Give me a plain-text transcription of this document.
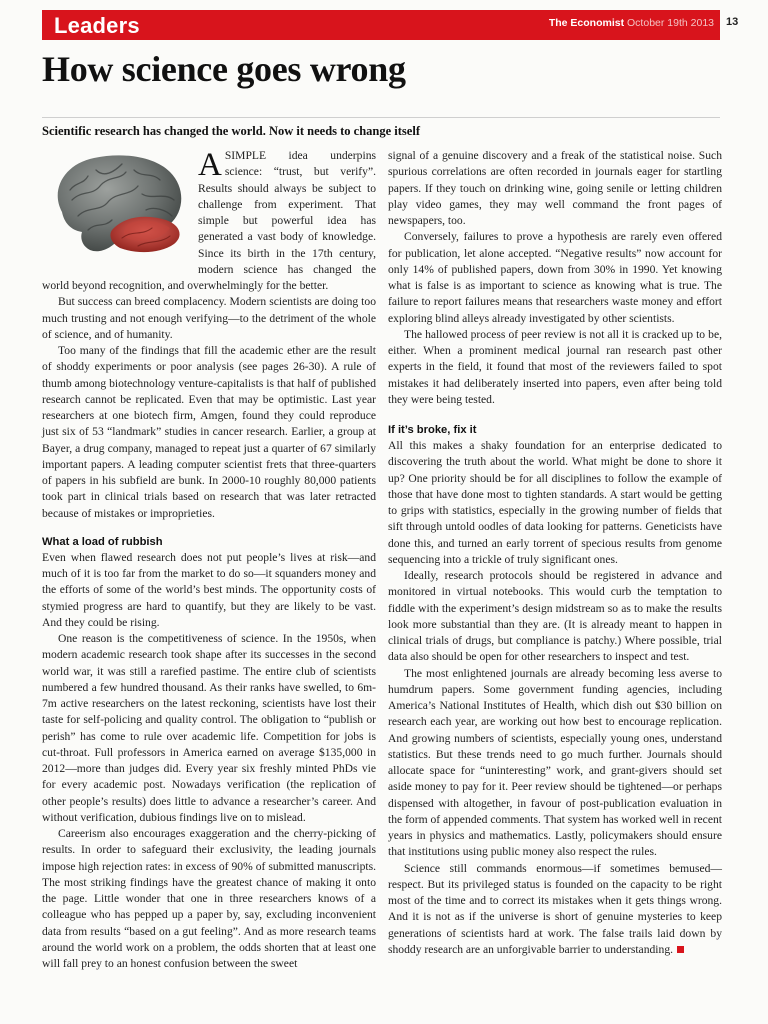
Leaders	The Economist October 19th 2013 13
How science goes wrong
Scientific research has changed the world. Now it needs to change itself

ASIMPLE idea underpins science: “trust, but verify”. Results should always be subject to challenge from experiment. That simple but powerful idea has generated a vast body of knowledge. Since its birth in the 17th century, modern science has changed the world beyond recognition, and overwhelmingly for the better.

But success can breed complacency. Modern scientists are doing too much trusting and not enough verifying—to the detriment of the whole of science, and of humanity.

Too many of the findings that fill the academic ether are the result of shoddy experiments or poor analysis (see pages 26-30). A rule of thumb among biotechnology venture-capitalists is that half of published research cannot be replicated. Even that may be optimistic. Last year researchers at one biotech firm, Amgen, found they could reproduce just six of 53 “landmark” studies in cancer research. Earlier, a group at Bayer, a drug company, managed to repeat just a quarter of 67 similarly important papers. A leading computer scientist frets that three-quarters of papers in his subfield are bunk. In 2000-10 roughly 80,000 patients took part in clinical trials based on research that was later retracted because of mistakes or improprieties.

What a load of rubbish

Even when flawed research does not put people’s lives at risk—and much of it is too far from the market to do so—it squanders money and the efforts of some of the world’s best minds. The opportunity costs of stymied progress are hard to quantify, but they are likely to be vast. And they could be rising.

One reason is the competitiveness of science. In the 1950s, when modern academic research took shape after its successes in the second world war, it was still a rarefied pastime. The entire club of scientists numbered a few hundred thousand. As their ranks have swelled, to 6m-7m active researchers on the latest reckoning, scientists have lost their taste for self-policing and quality control. The obligation to “publish or perish” has come to rule over academic life. Competition for jobs is cut-throat. Full professors in America earned on average $135,000 in 2012—more than judges did. Every year six freshly minted PhDs vie for every academic post. Nowadays verification (the replication of other people’s results) does little to advance a researcher’s career. And without verification, dubious findings live on to mislead.

Careerism also encourages exaggeration and the cherry-picking of results. In order to safeguard their exclusivity, the leading journals impose high rejection rates: in excess of 90% of submitted manuscripts. The most striking findings have the greatest chance of making it onto the page. Little wonder that one in three researchers knows of a colleague who has pepped up a paper by, say, excluding inconvenient data from results “based on a gut feeling”. And as more research teams around the world work on a problem, the odds shorten that at least one will fall prey to an honest confusion between the sweet

signal of a genuine discovery and a freak of the statistical noise. Such spurious correlations are often recorded in journals eager for startling papers. If they touch on drinking wine, going senile or letting children play video games, they may well command the front pages of newspapers, too.

Conversely, failures to prove a hypothesis are rarely even offered for publication, let alone accepted. “Negative results” now account for only 14% of published papers, down from 30% in 1990. Yet knowing what is false is as important to science as knowing what is true. The failure to report failures means that researchers waste money and effort exploring blind alleys already investigated by other scientists.

The hallowed process of peer review is not all it is cracked up to be, either. When a prominent medical journal ran research past other experts in the field, it found that most of the reviewers failed to spot mistakes it had deliberately inserted into papers, even after being told they were being tested.

If it’s broke, fix it

All this makes a shaky foundation for an enterprise dedicated to discovering the truth about the world. What might be done to shore it up? One priority should be for all disciplines to follow the example of those that have done most to tighten standards. A start would be getting to grips with statistics, especially in the growing number of fields that sift through untold oodles of data looking for patterns. Geneticists have done this, and turned an early torrent of specious results from genome sequencing into a trickle of truly significant ones.

Ideally, research protocols should be registered in advance and monitored in virtual notebooks. This would curb the temptation to fiddle with the experiment’s design midstream so as to make the results look more substantial than they are. (It is already meant to happen in clinical trials of drugs, but compliance is patchy.) Where possible, trial data also should be open for other researchers to inspect and test.

The most enlightened journals are already becoming less averse to humdrum papers. Some government funding agencies, including America’s National Institutes of Health, which dish out $30 billion on research each year, are working out how best to encourage replication. And growing numbers of scientists, especially young ones, understand statistics. But these trends need to go much further. Journals should allocate space for “uninteresting” work, and grant-givers should set aside money to pay for it. Peer review should be tightened—or perhaps dispensed with altogether, in favour of post-publication evaluation in the form of appended comments. That system has worked well in recent years in physics and mathematics. Lastly, policymakers should ensure that institutions using public money also respect the rules.

Science still commands enormous—if sometimes bemused—respect. But its privileged status is founded on the capacity to be right most of the time and to correct its mistakes when it gets things wrong. And it is not as if the universe is short of genuine mysteries to keep generations of scientists hard at work. The false trails laid down by shoddy research are an unforgivable barrier to understanding.
